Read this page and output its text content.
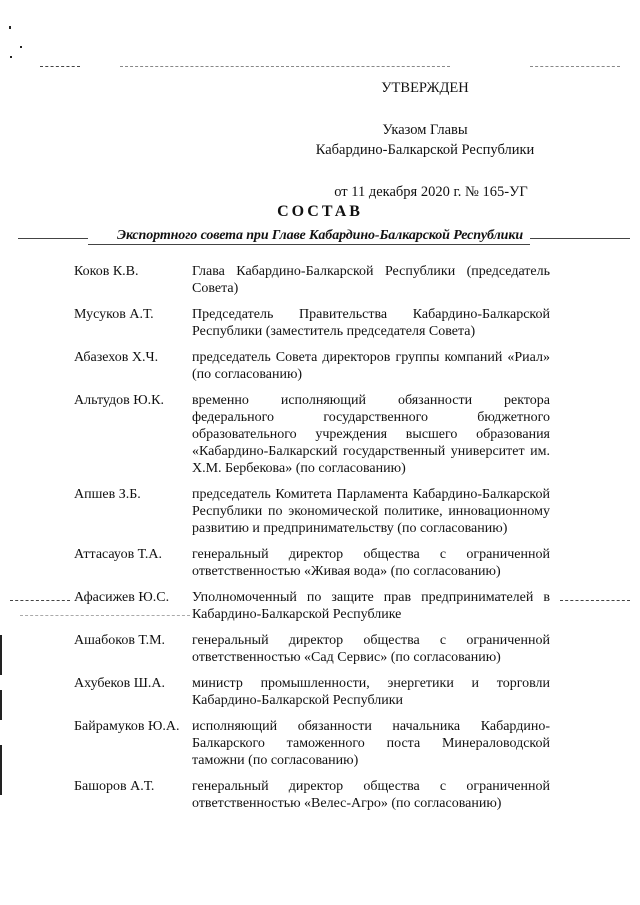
УТВЕРЖДЕН
Указом Главы
Кабардино-Балкарской Республики
от 11 декабря 2020 г. № 165-УГ
СОСТАВ
Экспортного совета при Главе Кабардино-Балкарской Республики
Коков К.В.	Глава Кабардино-Балкарской Республики (председатель Совета)
Мусуков А.Т.	Председатель Правительства Кабардино-Балкарской Республики (заместитель председателя Совета)
Абазехов Х.Ч.	председатель Совета директоров группы компаний «Риал» (по согласованию)
Альтудов Ю.К.	временно исполняющий обязанности ректора федерального государственного бюджетного образовательного учреждения высшего образования «Кабардино-Балкарский государственный университет им. Х.М. Бербекова» (по согласованию)
Апшев З.Б.	председатель Комитета Парламента Кабардино-Балкарской Республики по экономической политике, инновационному развитию и предпринимательству (по согласованию)
Аттасауов Т.А.	генеральный директор общества с ограниченной ответственностью «Живая вода» (по согласованию)
Афасижев Ю.С.	Уполномоченный по защите прав предпринимателей в Кабардино-Балкарской Республике
Ашабоков Т.М.	генеральный директор общества с ограниченной ответственностью «Сад Сервис» (по согласованию)
Ахубеков Ш.А.	министр промышленности, энергетики и торговли Кабардино-Балкарской Республики
Байрамуков Ю.А. исполняющий обязанности начальника Кабардино-Балкарского таможенного поста Минераловодской таможни (по согласованию)
Башоров А.Т.	генеральный директор общества с ограниченной ответственностью «Велес-Агро» (по согласованию)
